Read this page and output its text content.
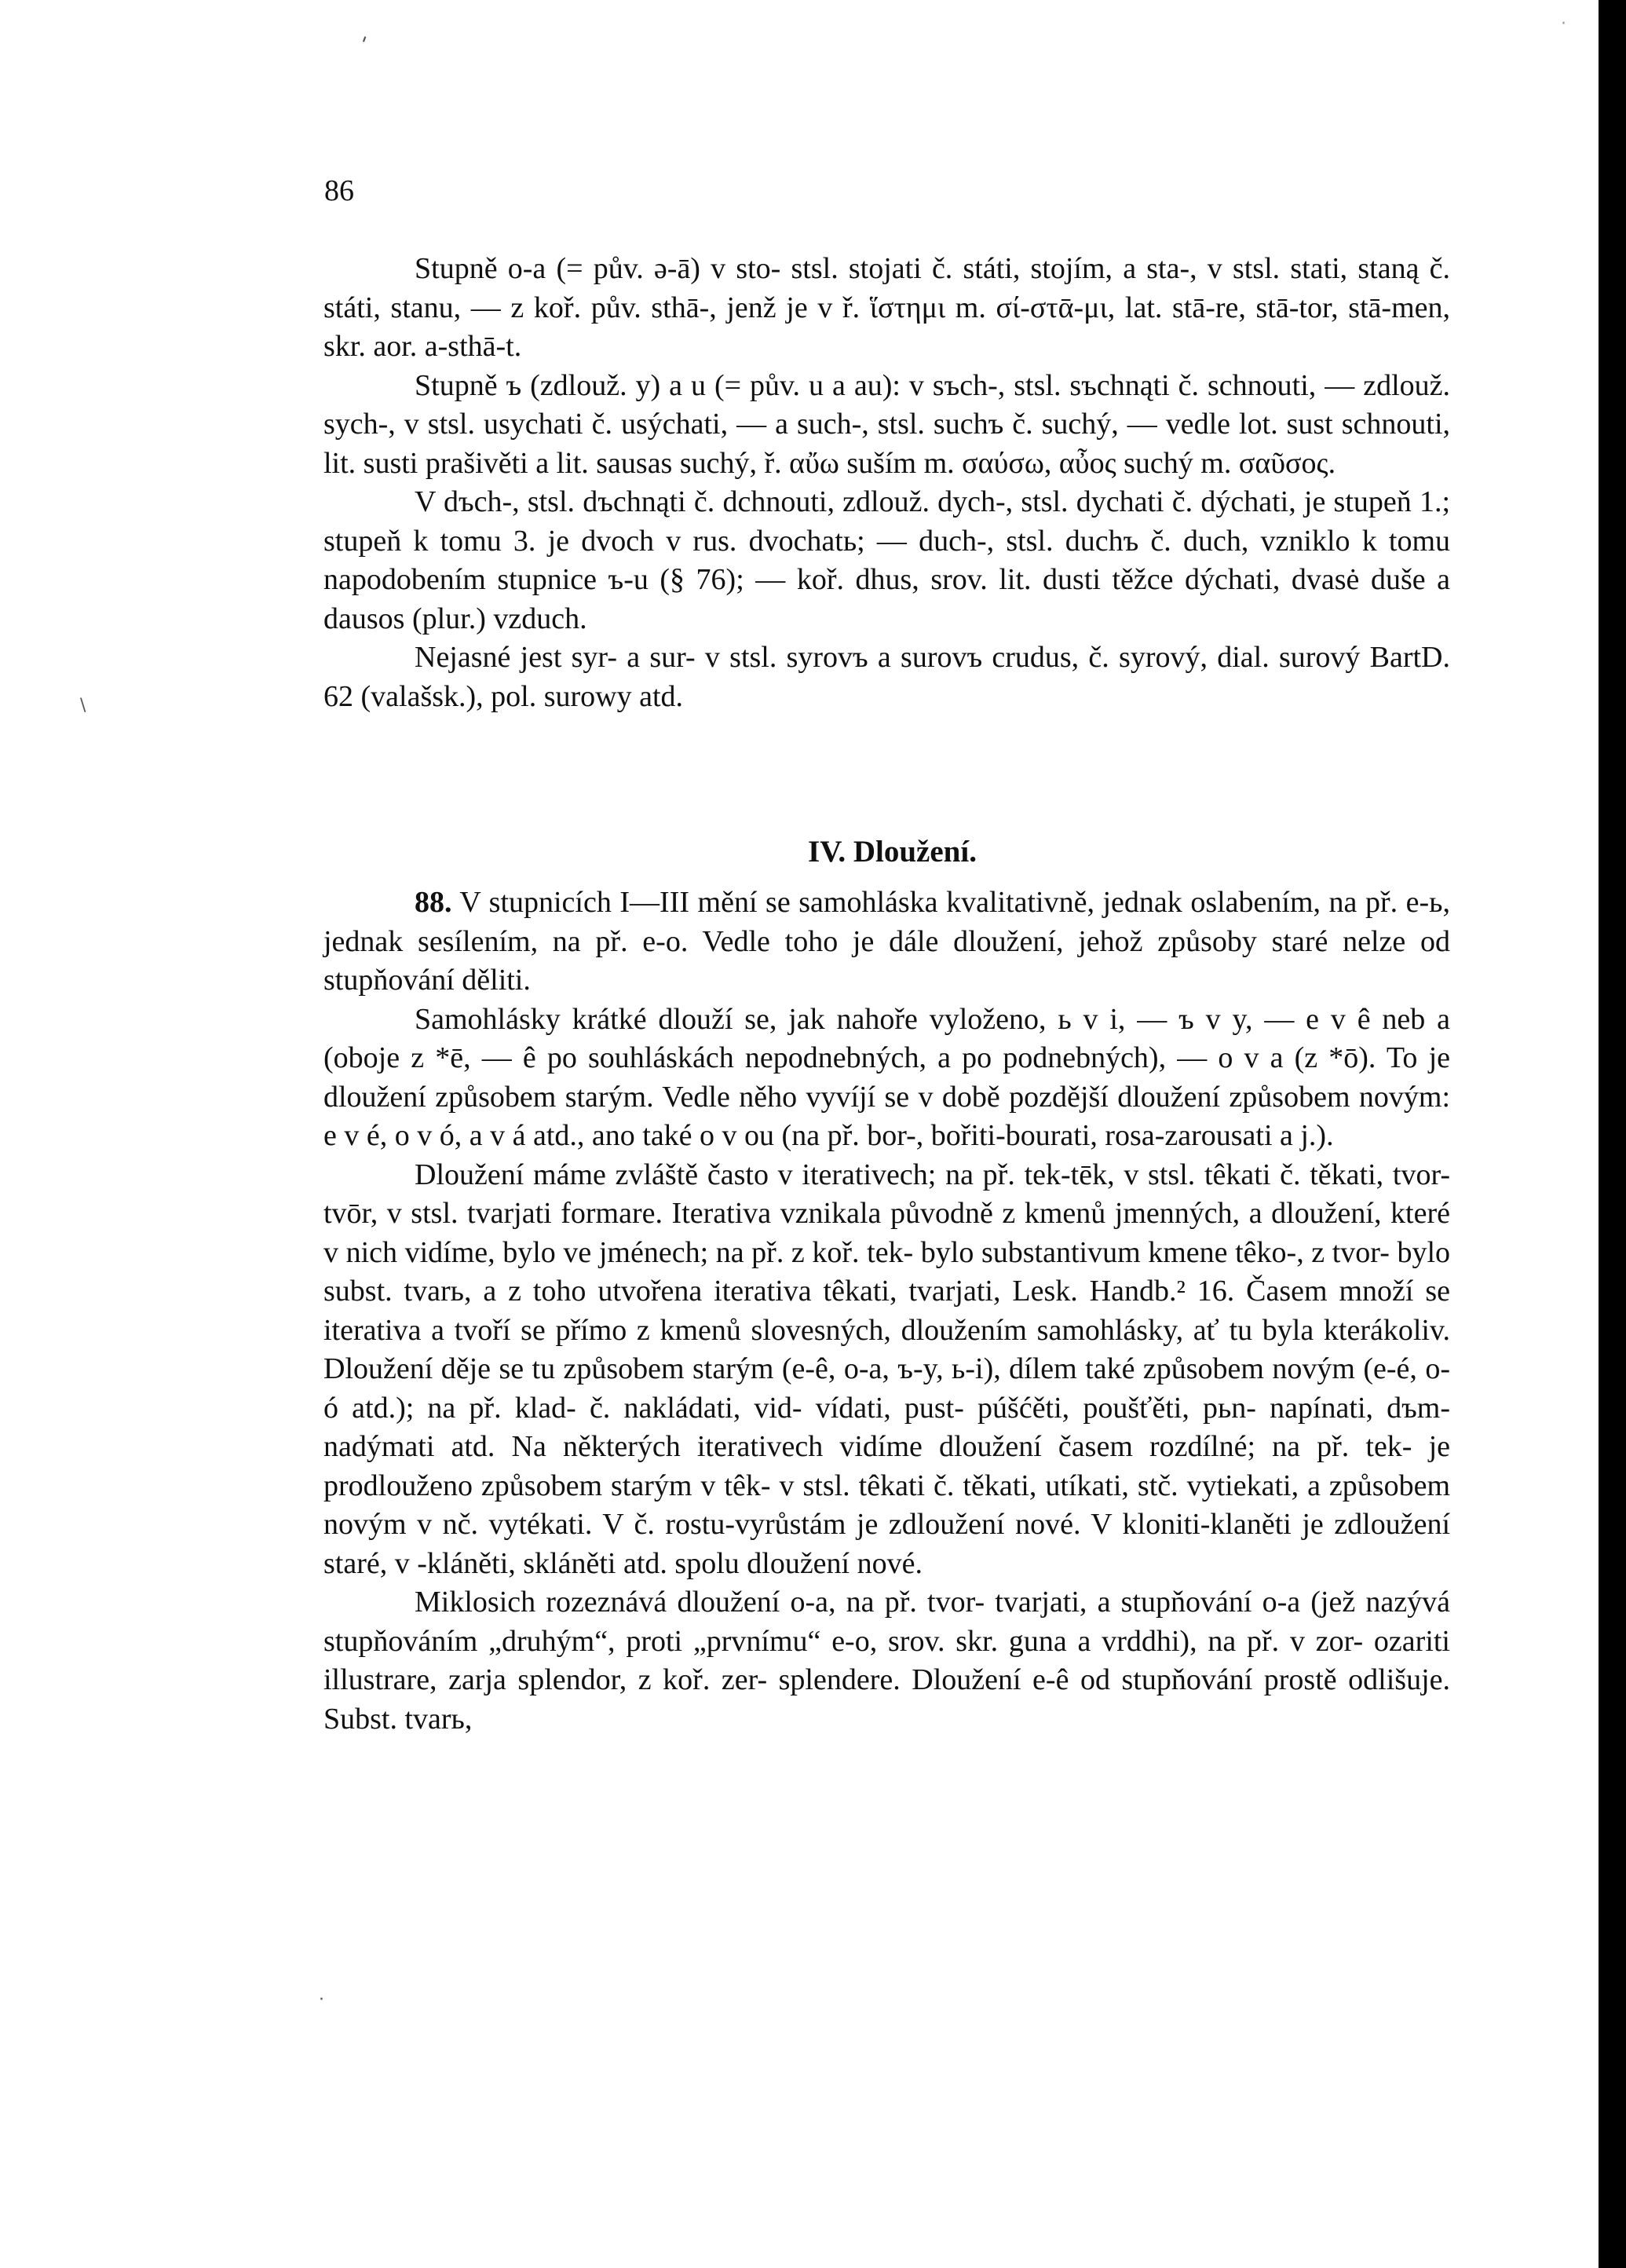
'
\
·
·
86

Stupně o-a (= pův. ə-ā) v sto- stsl. stojati č. státi, stojím, a sta-, v stsl. stati, staną č. státi, stanu, — z koř. pův. sthā-, jenž je v ř. ἵστημι m. σί-στᾱ-μι, lat. stā-re, stā-tor, stā-men, skr. aor. a-sthā-t.

Stupně ъ (zdlouž. y) a u (= pův. u a au): v sъch-, stsl. sъchnąti č. schnouti, — zdlouž. sych-, v stsl. usychati č. usýchati, — a such-, stsl. suchъ č. suchý, — vedle lot. sust schnouti, lit. susti prašivěti a lit. sausas suchý, ř. αὔω suším m. σαύσω, αὖος suchý m. σαῦσος.

V dъch-, stsl. dъchnąti č. dchnouti, zdlouž. dych-, stsl. dychati č. dýchati, je stupeň 1.; stupeň k tomu 3. je dvoch v rus. dvochatь; — duch-, stsl. duchъ č. duch, vzniklo k tomu napodobením stupnice ъ-u (§ 76); — koř. dhus, srov. lit. dusti těžce dýchati, dvasė duše a dausos (plur.) vzduch.

Nejasné jest syr- a sur- v stsl. syrovъ a surovъ crudus, č. syrový, dial. surový BartD. 62 (valašsk.), pol. surowy atd.

IV. Dloužení.

88. V stupnicích I—III mění se samohláska kvalitativně, jednak oslabením, na př. e-ь, jednak sesílením, na př. e-o. Vedle toho je dále dloužení, jehož způsoby staré nelze od stupňování děliti.

Samohlásky krátké dlouží se, jak nahoře vyloženo, ь v i, — ъ v y, — e v ê neb a (oboje z *ē, — ê po souhláskách nepodnebných, a po podnebných), — o v a (z *ō). To je dloužení způsobem starým. Vedle něho vyvíjí se v době pozdější dloužení způsobem novým: e v é, o v ó, a v á atd., ano také o v ou (na př. bor-, bořiti-bourati, rosa-zarousati a j.).

Dloužení máme zvláště často v iterativech; na př. tek-tēk, v stsl. têkati č. těkati, tvor-tvōr, v stsl. tvarjati formare. Iterativa vznikala původně z kmenů jmenných, a dloužení, které v nich vidíme, bylo ve jménech; na př. z koř. tek- bylo substantivum kmene têko-, z tvor- bylo subst. tvarь, a z toho utvořena iterativa têkati, tvarjati, Lesk. Handb.² 16. Časem množí se iterativa a tvoří se přímo z kmenů slovesných, dloužením samohlásky, ať tu byla kterákoliv. Dloužení děje se tu způsobem starým (e-ê, o-a, ъ-y, ь-i), dílem také způsobem novým (e-é, o-ó atd.); na př. klad- č. nakládati, vid- vídati, pust- púšćěti, poušťěti, pьn- napínati, dъm- nadýmati atd. Na některých iterativech vidíme dloužení časem rozdílné; na př. tek- je prodlouženo způsobem starým v têk- v stsl. têkati č. těkati, utíkati, stč. vytiekati, a způsobem novým v nč. vytékati. V č. rostu-vyrůstám je zdloužení nové. V kloniti-klaněti je zdloužení staré, v -kláněti, skláněti atd. spolu dloužení nové.

Miklosich rozeznává dloužení o-a, na př. tvor- tvarjati, a stupňování o-a (jež nazývá stupňováním „druhým“, proti „prvnímu“ e-o, srov. skr. guna a vrddhi), na př. v zor- ozariti illustrare, zarja splendor, z koř. zer- splendere. Dloužení e-ê od stupňování prostě odlišuje. Subst. tvarь,
